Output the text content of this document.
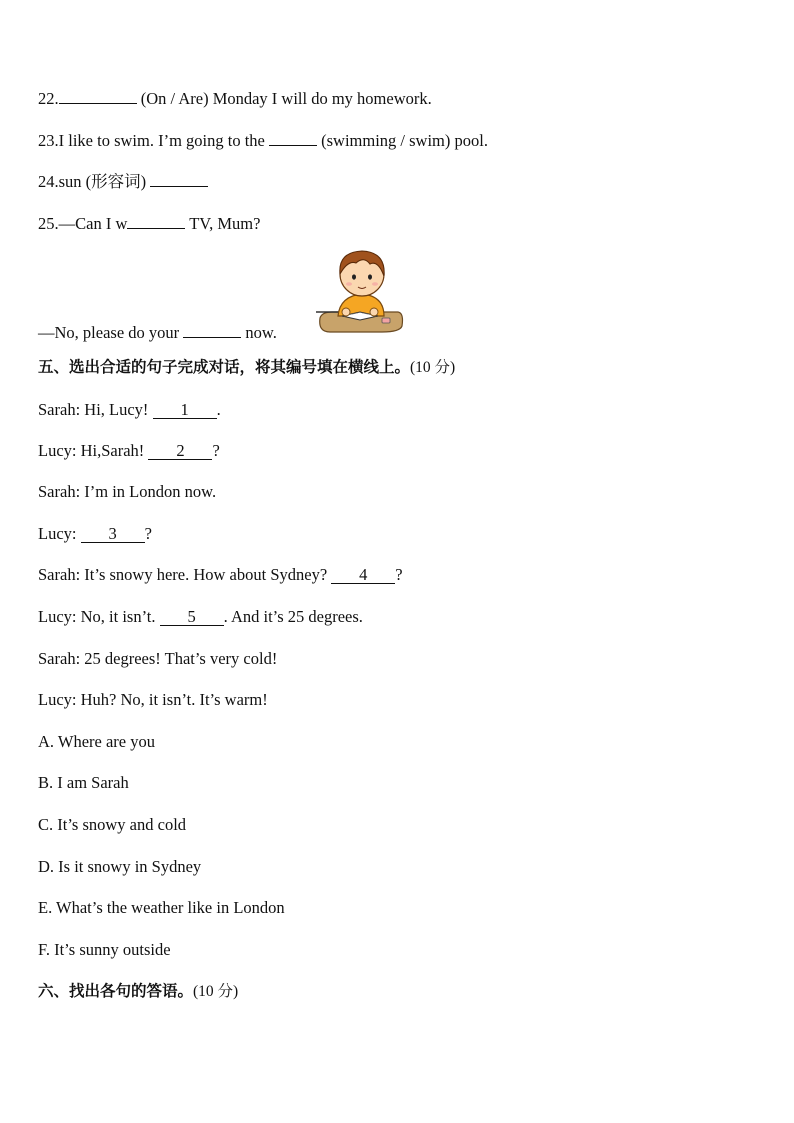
22.	(On / Are) Monday I will do my homework.
23.I like to swim. I’m going to the	(swimming / swim) pool.
24.sun (形容词)
25.—Can I w	TV, Mum?
—No, please do your	now.
五、选出合适的句子完成对话，将其编号填在横线上。(10 分)
Sarah: Hi, Lucy! 1 .
Lucy: Hi,Sarah! 2 ?
Sarah: I’m in London now.
Lucy: 3 ?
Sarah: It’s snowy here. How about Sydney? 4 ?
Lucy: No, it isn’t. 5 . And it’s 25 degrees.
Sarah: 25 degrees! That’s very cold!
Lucy: Huh? No, it isn’t. It’s warm!
A. Where are you
B. I am Sarah
C. It’s snowy and cold
D. Is it snowy in Sydney
E. What’s the weather like in London
F. It’s sunny outside
六、找出各句的答语。(10 分)
